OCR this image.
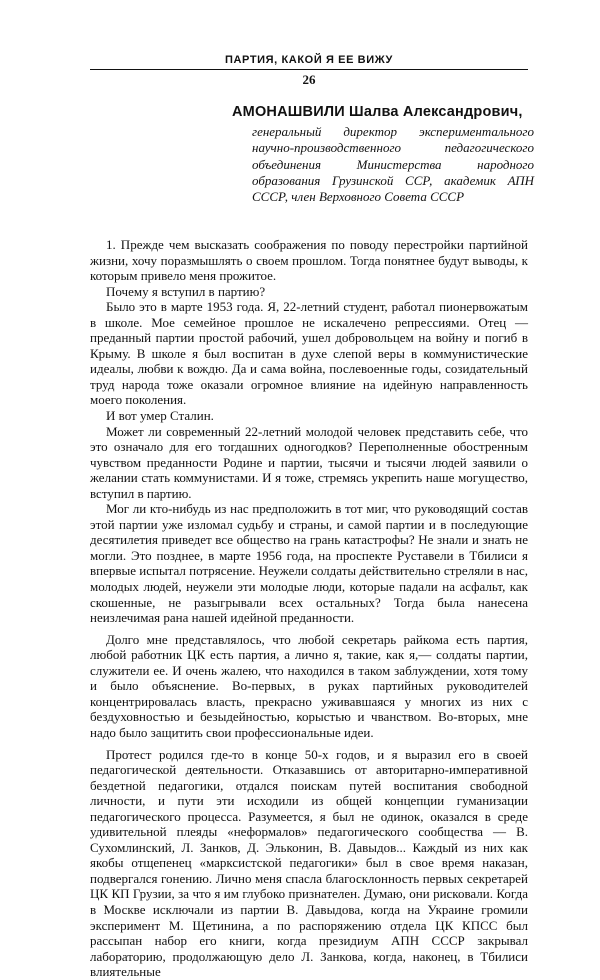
ПАРТИЯ, КАКОЙ Я ЕЕ ВИЖУ
26
АМОНАШВИЛИ Шалва Александрович,
генеральный директор экспериментального научно-производственного педагогического объединения Министерства народного образования Грузинской ССР, академик АПН СССР, член Верховного Совета СССР

1. Прежде чем высказать соображения по поводу перестройки партийной жизни, хочу поразмышлять о своем прошлом. Тогда понятнее будут выводы, к которым привело меня прожитое.

Почему я вступил в партию?

Было это в марте 1953 года. Я, 22-летний студент, работал пионервожатым в школе. Мое семейное прошлое не искалечено репрессиями. Отец — преданный партии простой рабочий, ушел добровольцем на войну и погиб в Крыму. В школе я был воспитан в духе слепой веры в коммунистические идеалы, любви к вождю. Да и сама война, послевоенные годы, созидательный труд народа тоже оказали огромное влияние на идейную направленность моего поколения.

И вот умер Сталин.

Может ли современный 22-летний молодой человек представить себе, что это означало для его тогдашних одногодков? Переполненные обостренным чувством преданности Родине и партии, тысячи и тысячи людей заявили о желании стать коммунистами. И я тоже, стремясь укрепить наше могущество, вступил в партию.

Мог ли кто-нибудь из нас предположить в тот миг, что руководящий состав этой партии уже изломал судьбу и страны, и самой партии и в последующие десятилетия приведет все общество на грань катастрофы? Не знали и знать не могли. Это позднее, в марте 1956 года, на проспекте Руставели в Тбилиси я впервые испытал потрясение. Неужели солдаты действительно стреляли в нас, молодых людей, неужели эти молодые люди, которые падали на асфальт, как скошенные, не разыгрывали всех остальных? Тогда была нанесена неизлечимая рана нашей идейной преданности.

Долго мне представлялось, что любой секретарь райкома есть партия, любой работник ЦК есть партия, а лично я, такие, как я,— солдаты партии, служители ее. И очень жалею, что находился в таком заблуждении, хотя тому и было объяснение. Во-первых, в руках партийных руководителей концентрировалась власть, прекрасно уживавшаяся у многих из них с бездуховностью и безыдейностью, корыстью и чванством. Во-вторых, мне надо было защитить свои профессиональные идеи.

Протест родился где-то в конце 50-х годов, и я выразил его в своей педагогической деятельности. Отказавшись от авторитарно-императивной бездетной педагогики, отдался поискам путей воспитания свободной личности, и пути эти исходили из общей концепции гуманизации педагогического процесса. Разумеется, я был не одинок, оказался в среде удивительной плеяды «неформалов» педагогического сообщества — В. Сухомлинский, Л. Занков, Д. Эльконин, В. Давыдов... Каждый из них как якобы отщепенец «марксистской педагогики» был в свое время наказан, подвергался гонению. Лично меня спасла благосклонность первых секретарей ЦК КП Грузии, за что я им глубоко признателен. Думаю, они рисковали. Когда в Москве исключали из партии В. Давыдова, когда на Украине громили эксперимент М. Щетинина, а по распоряжению отдела ЦК КПСС был рассыпан набор его книги, когда президиум АПН СССР закрывал лабораторию, продолжающую дело Л. Занкова, когда, наконец, в Тбилиси влиятельные
